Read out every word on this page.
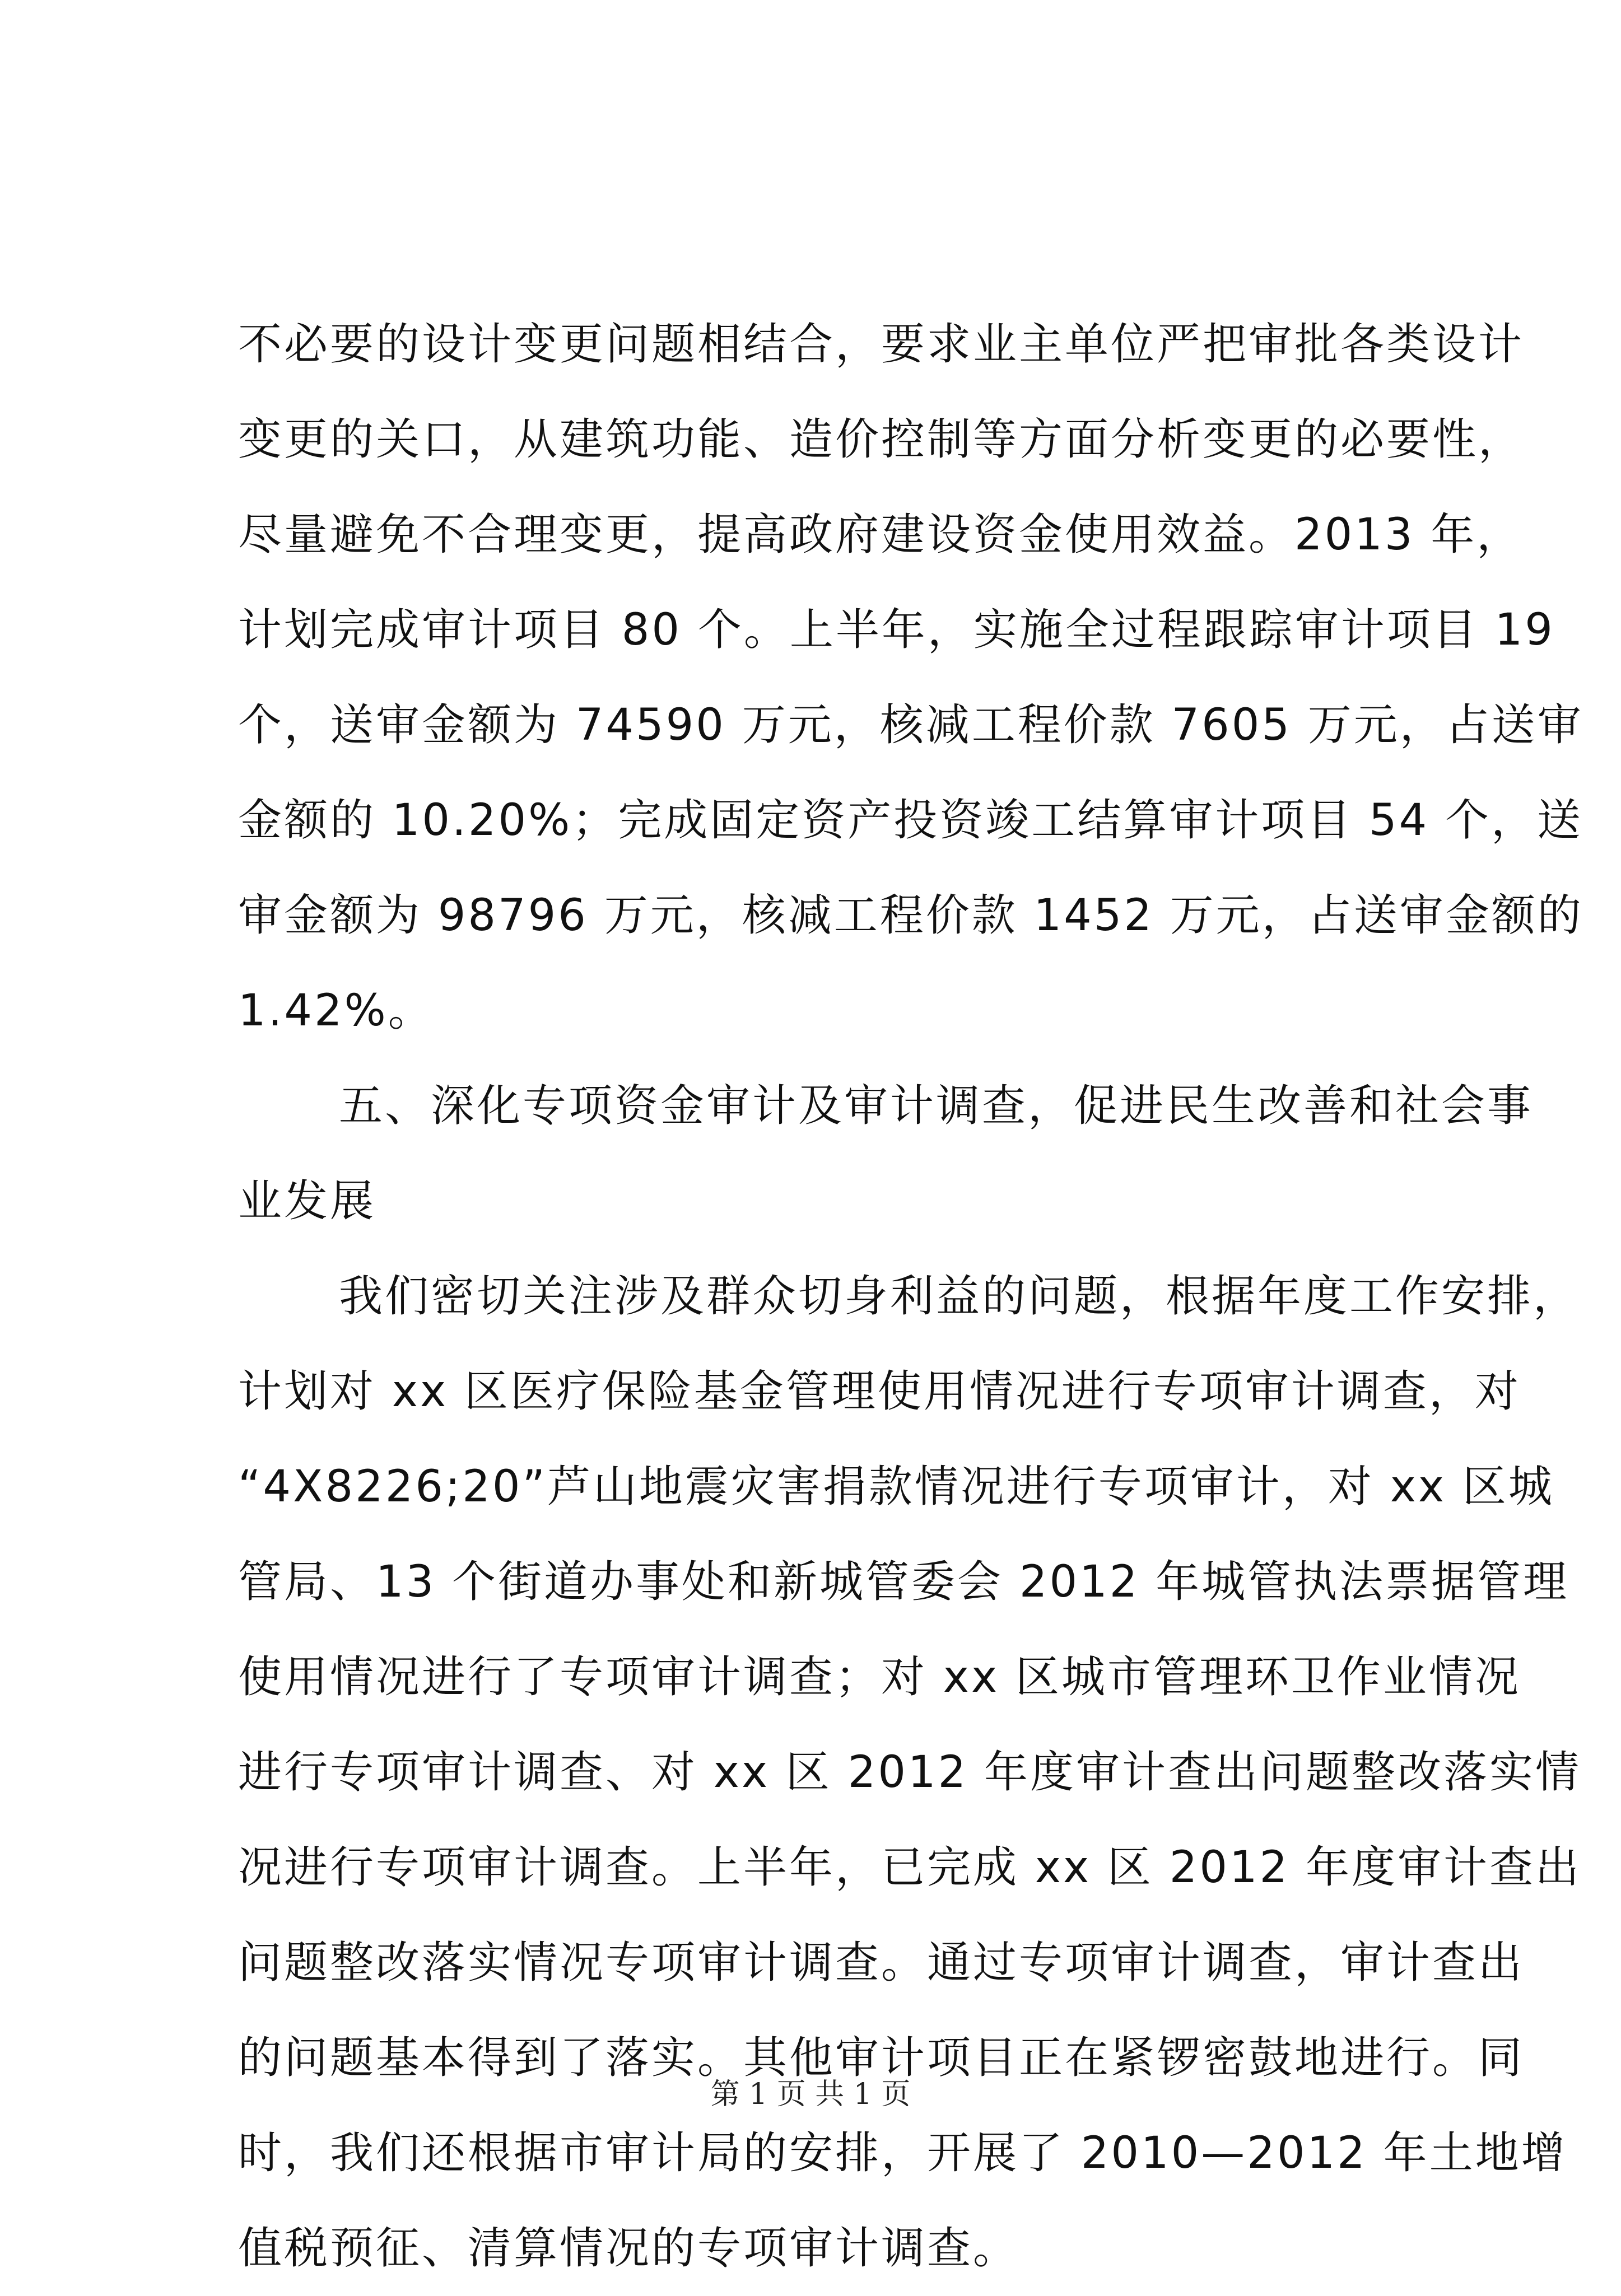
不必要的设计变更问题相结合，要求业主单位严把审批各类设计
变更的关口，从建筑功能、造价控制等方面分析变更的必要性，
尽量避免不合理变更，提高政府建设资金使用效益。2013 年，
计划完成审计项目 80 个。上半年，实施全过程跟踪审计项目 19
个，送审金额为 74590 万元，核减工程价款 7605 万元，占送审
金额的 10.20%；完成固定资产投资竣工结算审计项目 54 个，送
审金额为 98796 万元，核减工程价款 1452 万元，占送审金额的
1.42%。
五、深化专项资金审计及审计调查，促进民生改善和社会事
业发展
我们密切关注涉及群众切身利益的问题，根据年度工作安排，
计划对 xx 区医疗保险基金管理使用情况进行专项审计调查，对
“4X8226;20”芦山地震灾害捐款情况进行专项审计，对 xx 区城
管局、13 个街道办事处和新城管委会 2012 年城管执法票据管理
使用情况进行了专项审计调查；对 xx 区城市管理环卫作业情况
进行专项审计调查、对 xx 区 2012 年度审计查出问题整改落实情
况进行专项审计调查。上半年，已完成 xx 区 2012 年度审计查出
问题整改落实情况专项审计调查。通过专项审计调查，审计查出
的问题基本得到了落实。其他审计项目正在紧锣密鼓地进行。同
时，我们还根据市审计局的安排，开展了 2010—2012 年土地增
值税预征、清算情况的专项审计调查。
第 1 页 共 1 页
